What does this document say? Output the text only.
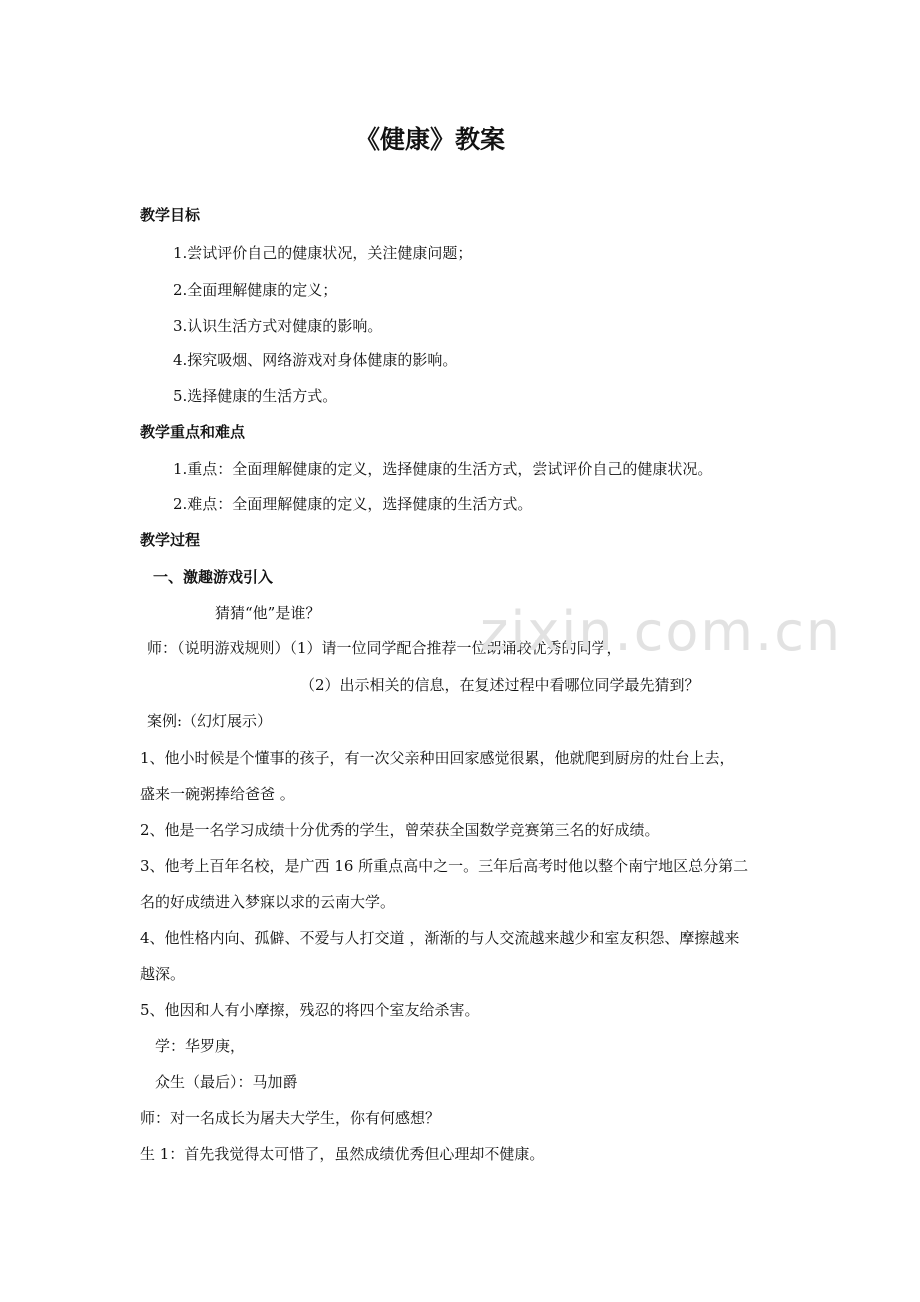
《健康》教案
教学目标
1.尝试评价自己的健康状况，关注健康问题；
2.全面理解健康的定义；
3.认识生活方式对健康的影响。
4.探究吸烟、网络游戏对身体健康的影响。
5.选择健康的生活方式。
教学重点和难点
1.重点：全面理解健康的定义，选择健康的生活方式，尝试评价自己的健康状况。
2.难点：全面理解健康的定义，选择健康的生活方式。
教学过程
一、激趣游戏引入
猜猜“他”是谁？
师：（说明游戏规则）（1）请一位同学配合推荐一位朗诵较优秀的同学，
（2）出示相关的信息，在复述过程中看哪位同学最先猜到？
案例:（幻灯展示）
1、他小时候是个懂事的孩子，有一次父亲种田回家感觉很累，他就爬到厨房的灶台上去，
盛来一碗粥捧给爸爸 。
2、他是一名学习成绩十分优秀的学生，曾荣获全国数学竞赛第三名的好成绩。
3、他考上百年名校，是广西 16 所重点高中之一。三年后高考时他以整个南宁地区总分第二
名的好成绩进入梦寐以求的云南大学。
4、他性格内向、孤僻、不爱与人打交道 ，渐渐的与人交流越来越少和室友积怨、摩擦越来
越深。
5、他因和人有小摩擦，残忍的将四个室友给杀害。
学：华罗庚，
众生（最后）：马加爵
师：对一名成长为屠夫大学生，你有何感想？
生 1：首先我觉得太可惜了，虽然成绩优秀但心理却不健康。
zixin.com.cn
